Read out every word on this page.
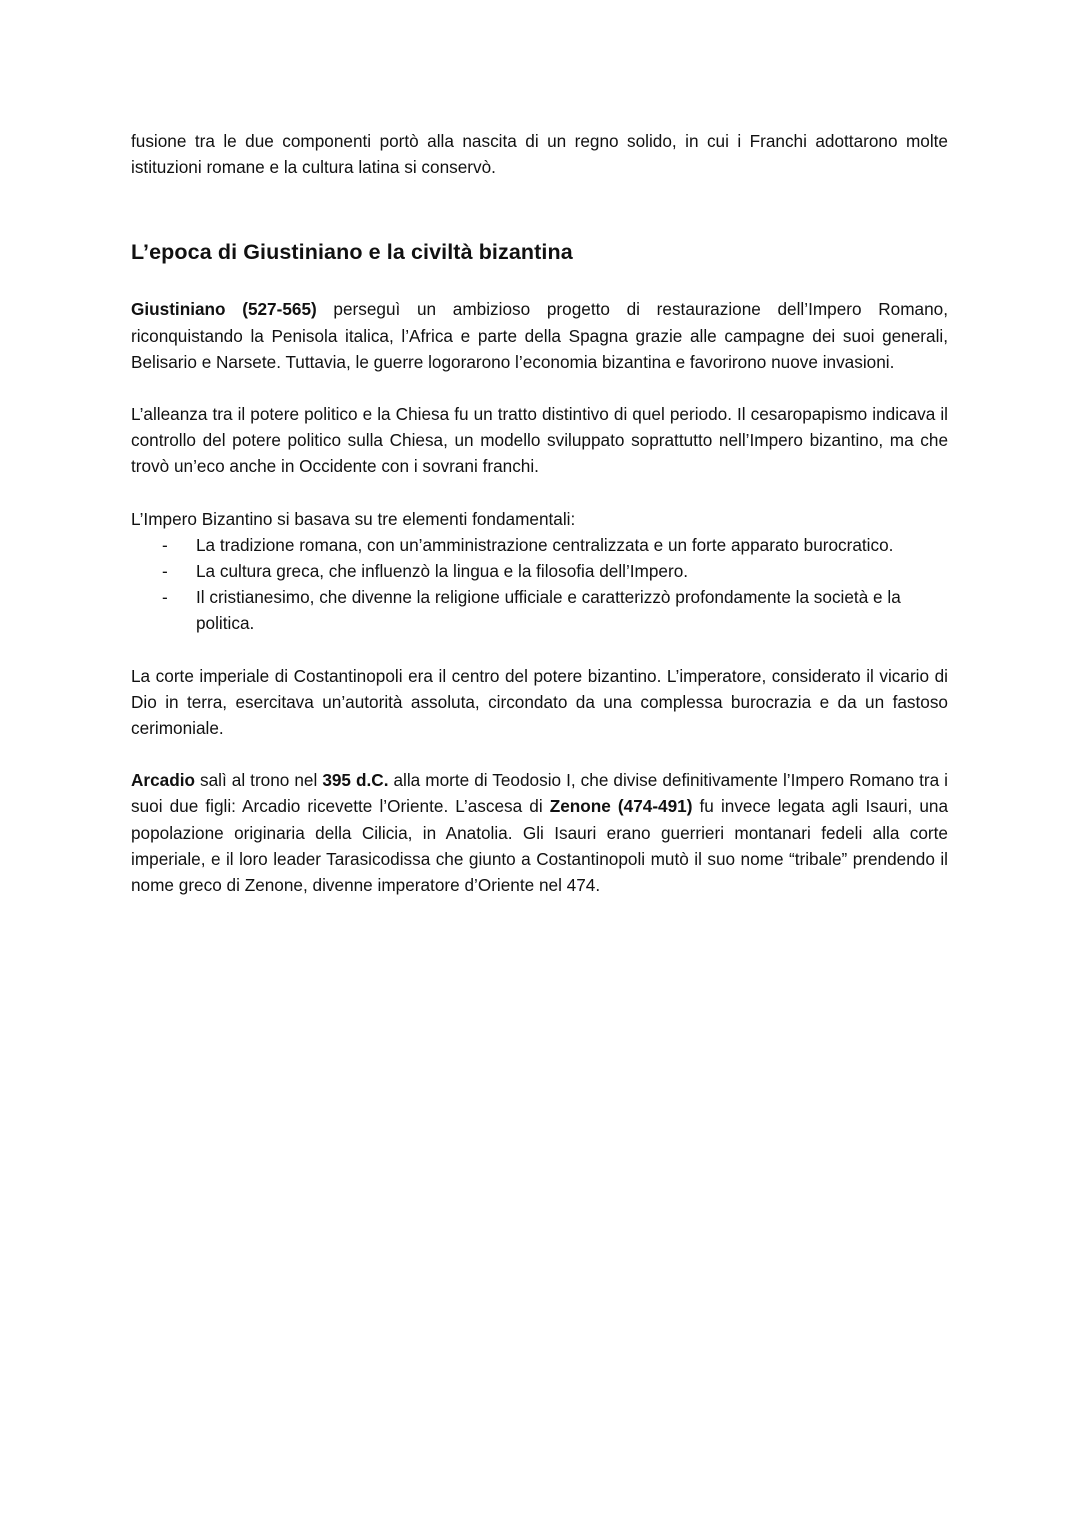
fusione tra le due componenti portò alla nascita di un regno solido, in cui i Franchi adottarono molte istituzioni romane e la cultura latina si conservò.

L’epoca di Giustiniano e la civiltà bizantina

Giustiniano (527-565) perseguì un ambizioso progetto di restaurazione dell’Impero Romano, riconquistando la Penisola italica, l’Africa e parte della Spagna grazie alle campagne dei suoi generali, Belisario e Narsete. Tuttavia, le guerre logorarono l’economia bizantina e favorirono nuove invasioni.

L’alleanza tra il potere politico e la Chiesa fu un tratto distintivo di quel periodo. Il cesaropapismo indicava il controllo del potere politico sulla Chiesa, un modello sviluppato soprattutto nell’Impero bizantino, ma che trovò un’eco anche in Occidente con i sovrani franchi.

L’Impero Bizantino si basava su tre elementi fondamentali:

- La tradizione romana, con un’amministrazione centralizzata e un forte apparato burocratico.
- La cultura greca, che influenzò la lingua e la filosofia dell’Impero.
- Il cristianesimo, che divenne la religione ufficiale e caratterizzò profondamente la società e la politica.

La corte imperiale di Costantinopoli era il centro del potere bizantino. L’imperatore, considerato il vicario di Dio in terra, esercitava un’autorità assoluta, circondato da una complessa burocrazia e da un fastoso cerimoniale.

Arcadio salì al trono nel 395 d.C. alla morte di Teodosio I, che divise definitivamente l’Impero Romano tra i suoi due figli: Arcadio ricevette l’Oriente. L’ascesa di Zenone (474-491) fu invece legata agli Isauri, una popolazione originaria della Cilicia, in Anatolia. Gli Isauri erano guerrieri montanari fedeli alla corte imperiale, e il loro leader Tarasicodissa che giunto a Costantinopoli mutò il suo nome “tribale” prendendo il nome greco di Zenone, divenne imperatore d’Oriente nel 474.
